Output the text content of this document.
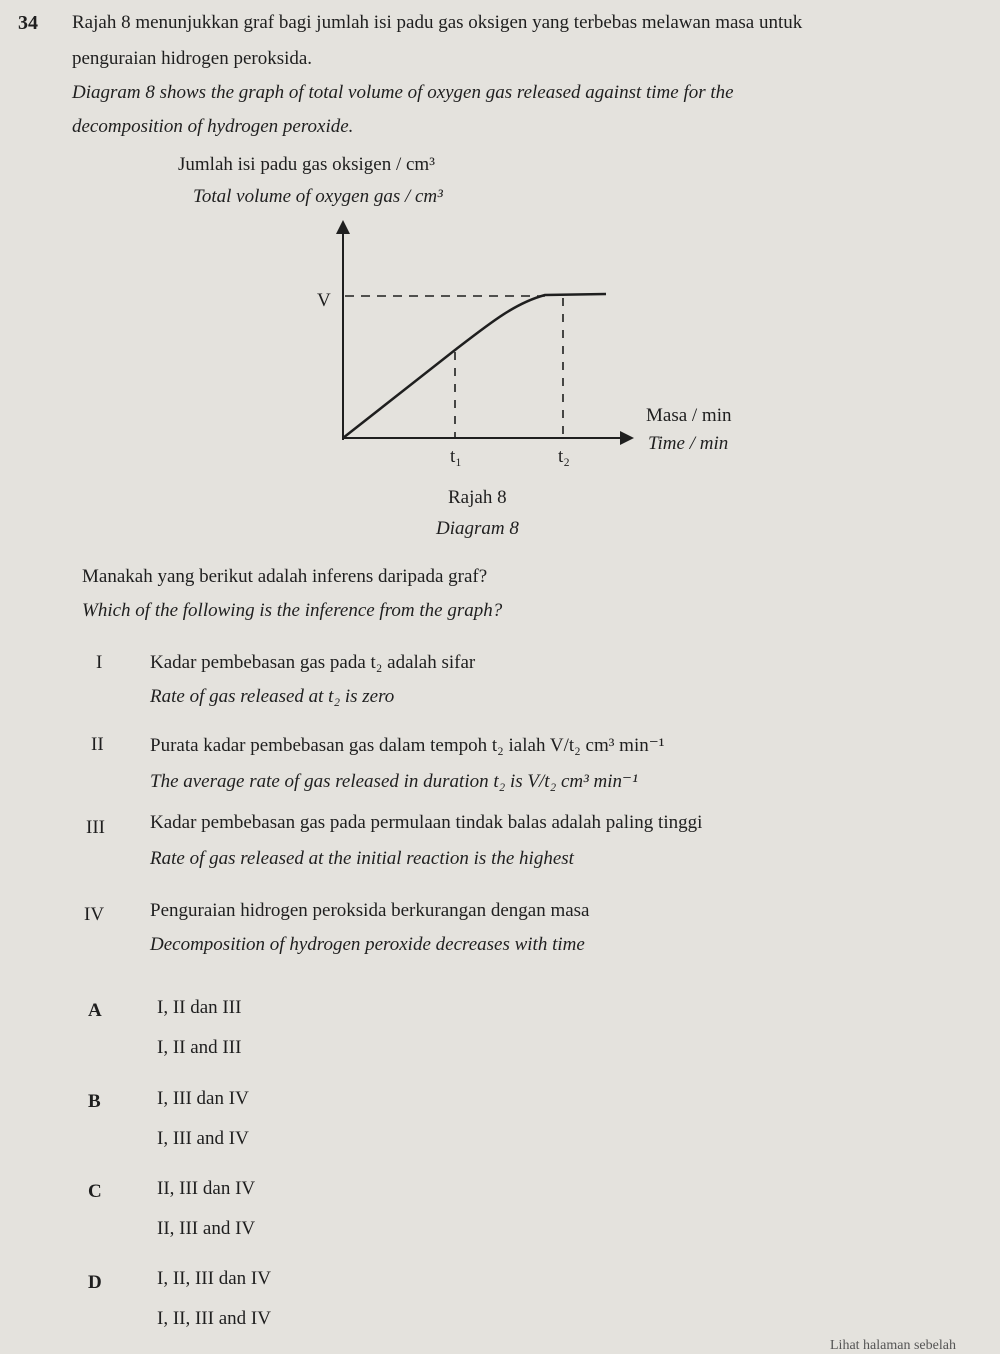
34 Rajah 8 menunjukkan graf bagi jumlah isi padu gas oksigen yang terbebas melawan masa untuk
penguraian hidrogen peroksida.
Diagram 8 shows the graph of total volume of oxygen gas released against time for the
decomposition of hydrogen peroxide.
Jumlah isi padu gas oksigen / cm³
Total volume of oxygen gas / cm³
V
t₁	t₂
Masa / min
Time / min
Rajah 8
Diagram 8
Manakah yang berikut adalah inferens daripada graf?
Which of the following is the inference from the graph?
I	Kadar pembebasan gas pada t₂ adalah sifar
Rate of gas released at t₂ is zero
II Purata kadar pembebasan gas dalam tempoh t₂ ialah V/t₂ cm³ min⁻¹
The average rate of gas released in duration t₂ is V/t₂ cm³ min⁻¹
III Kadar pembebasan gas pada permulaan tindak balas adalah paling tinggi
Rate of gas released at the initial reaction is the highest
IV Penguraian hidrogen peroksida berkurangan dengan masa
Decomposition of hydrogen peroxide decreases with time
A	I, II dan III
I, II and III
B	I, III dan IV
I, III and IV
C	II, III dan IV
II, III and IV
D	I, II, III dan IV
I, II, III and IV
Lihat halaman sebelah
